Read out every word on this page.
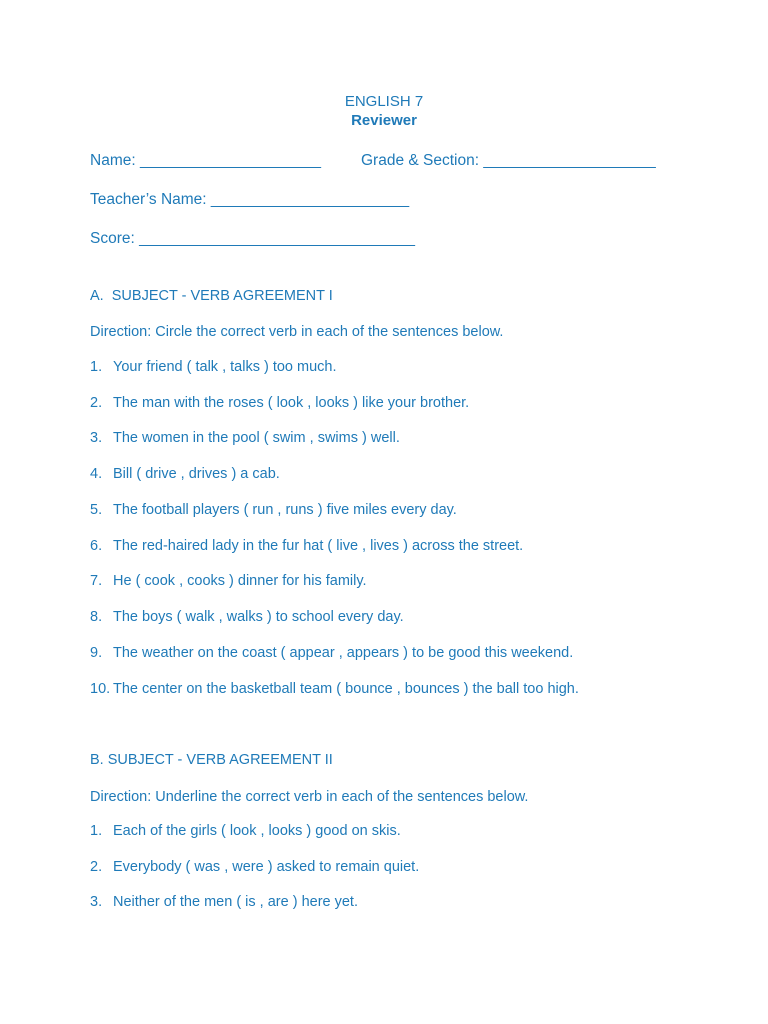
ENGLISH 7
Reviewer
Name: _____________________	Grade & Section: ____________________
Teacher’s Name: _______________________
Score: ________________________________
A.  SUBJECT - VERB AGREEMENT I
Direction: Circle the correct verb in each of the sentences below.
1. Your friend ( talk , talks ) too much.
2. The man with the roses ( look , looks ) like your brother.
3. The women in the pool ( swim , swims ) well.
4. Bill ( drive , drives ) a cab.
5. The football players ( run , runs ) five miles every day.
6. The red-haired lady in the fur hat ( live , lives ) across the street.
7. He ( cook , cooks ) dinner for his family.
8. The boys ( walk , walks ) to school every day.
9. The weather on the coast ( appear , appears ) to be good this weekend.
10. The center on the basketball team ( bounce , bounces ) the ball too high.
B. SUBJECT - VERB AGREEMENT II
Direction: Underline the correct verb in each of the sentences below.
1. Each of the girls ( look , looks ) good on skis.
2. Everybody ( was , were ) asked to remain quiet.
3. Neither of the men ( is , are ) here yet.
